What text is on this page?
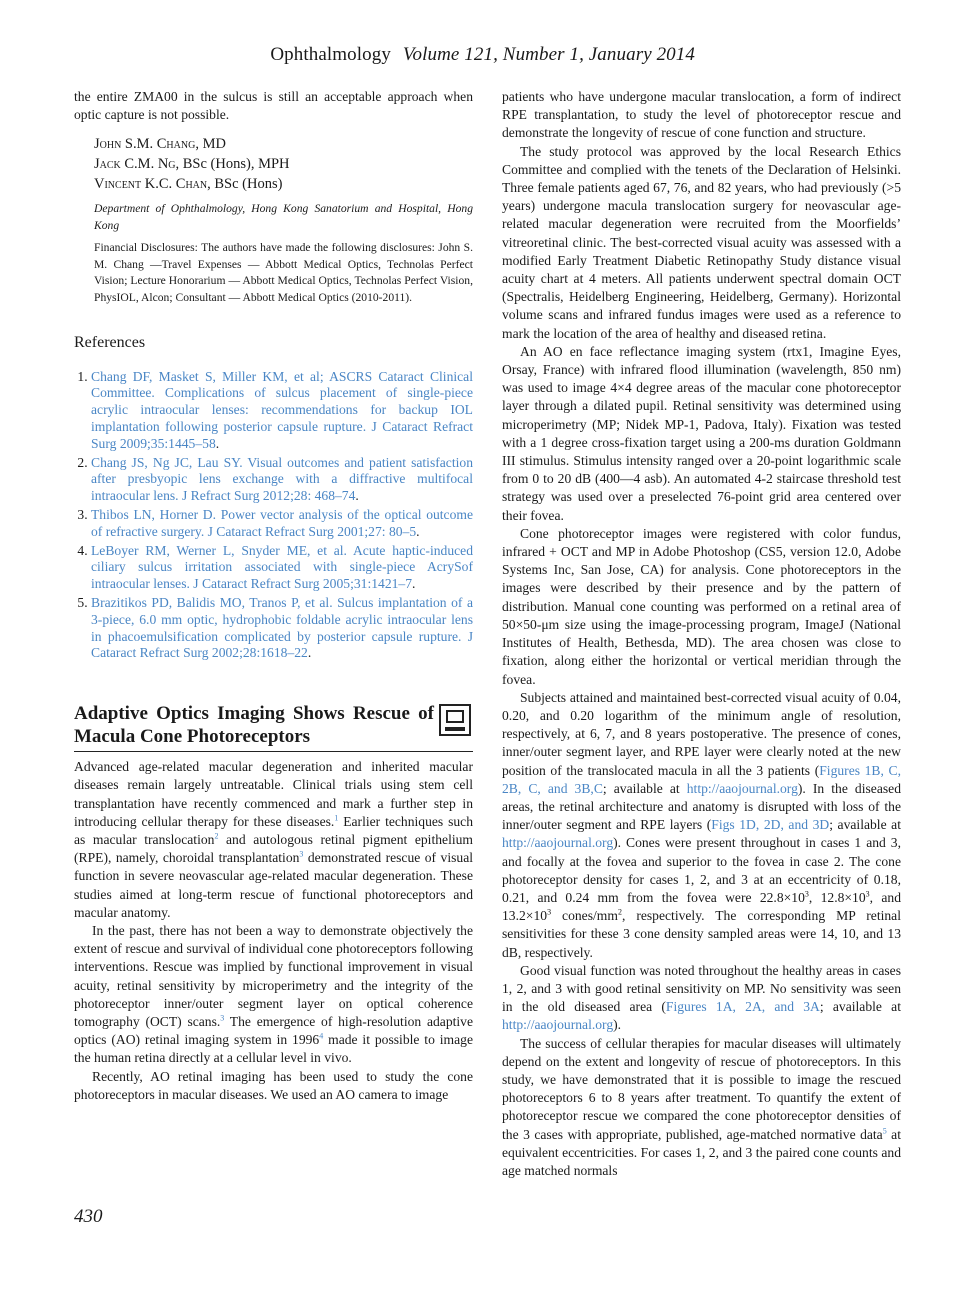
Ophthalmology Volume 121, Number 1, January 2014

the entire ZMA00 in the sulcus is still an acceptable approach when optic capture is not possible.

John S.M. Chang, MD
Jack C.M. Ng, BSc (Hons), MPH
Vincent K.C. Chan, BSc (Hons)
Department of Ophthalmology, Hong Kong Sanatorium and Hospital, Hong Kong
Financial Disclosures: The authors have made the following disclosures: John S. M. Chang —Travel Expenses — Abbott Medical Optics, Technolas Perfect Vision; Lecture Honorarium — Abbott Medical Optics, Technolas Perfect Vision, PhysIOL, Alcon; Consultant — Abbott Medical Optics (2010-2011).
References
1. Chang DF, Masket S, Miller KM, et al; ASCRS Cataract Clinical Committee. Complications of sulcus placement of single-piece acrylic intraocular lenses: recommendations for backup IOL implantation following posterior capsule rupture. J Cataract Refract Surg 2009;35:1445–58.
2. Chang JS, Ng JC, Lau SY. Visual outcomes and patient satisfaction after presbyopic lens exchange with a diffractive multifocal intraocular lens. J Refract Surg 2012;28: 468–74.
3. Thibos LN, Horner D. Power vector analysis of the optical outcome of refractive surgery. J Cataract Refract Surg 2001;27: 80–5.
4. LeBoyer RM, Werner L, Snyder ME, et al. Acute haptic-induced ciliary sulcus irritation associated with single-piece AcrySof intraocular lenses. J Cataract Refract Surg 2005;31:1421–7.
5. Brazitikos PD, Balidis MO, Tranos P, et al. Sulcus implantation of a 3-piece, 6.0 mm optic, hydrophobic foldable acrylic intraocular lens in phacoemulsification complicated by posterior capsule rupture. J Cataract Refract Surg 2002;28:1618–22.
Adaptive Optics Imaging Shows Rescue of Macula Cone Photoreceptors

Advanced age-related macular degeneration and inherited macular diseases remain largely untreatable. Clinical trials using stem cell transplantation have recently commenced and mark a further step in introducing cellular therapy for these diseases.$^1$ Earlier techniques such as macular translocation$^2$ and autologous retinal pigment epithelium (RPE), namely, choroidal transplantation$^3$ demonstrated rescue of visual function in severe neovascular age-related macular degeneration. These studies aimed at long-term rescue of functional photoreceptors and macular anatomy.

In the past, there has not been a way to demonstrate objectively the extent of rescue and survival of individual cone photoreceptors following interventions. Rescue was implied by functional improvement in visual acuity, retinal sensitivity by microperimetry and the integrity of the photoreceptor inner/outer segment layer on optical coherence tomography (OCT) scans.$^3$ The emergence of high-resolution adaptive optics (AO) retinal imaging system in 1996$^4$ made it possible to image the human retina directly at a cellular level in vivo.

Recently, AO retinal imaging has been used to study the cone photoreceptors in macular diseases. We used an AO camera to image

patients who have undergone macular translocation, a form of indirect RPE transplantation, to study the level of photoreceptor rescue and demonstrate the longevity of rescue of cone function and structure.

The study protocol was approved by the local Research Ethics Committee and complied with the tenets of the Declaration of Helsinki. Three female patients aged 67, 76, and 82 years, who had previously (>5 years) undergone macula translocation surgery for neovascular age-related macular degeneration were recruited from the Moorfields’ vitreoretinal clinic. The best-corrected visual acuity was assessed with a modified Early Treatment Diabetic Retinopathy Study distance visual acuity chart at 4 meters. All patients underwent spectral domain OCT (Spectralis, Heidelberg Engineering, Heidelberg, Germany). Horizontal volume scans and infrared fundus images were used as a reference to mark the location of the area of healthy and diseased retina.

An AO en face reflectance imaging system (rtx1, Imagine Eyes, Orsay, France) with infrared flood illumination (wavelength, 850 nm) was used to image 4×4 degree areas of the macular cone photoreceptor layer through a dilated pupil. Retinal sensitivity was determined using microperimetry (MP; Nidek MP-1, Padova, Italy). Fixation was tested with a 1 degree cross-fixation target using a 200-ms duration Goldmann III stimulus. Stimulus intensity ranged over a 20-point logarithmic scale from 0 to 20 dB (400—4 asb). An automated 4-2 staircase threshold test strategy was used over a preselected 76-point grid area centered over their fovea.

Cone photoreceptor images were registered with color fundus, infrared + OCT and MP in Adobe Photoshop (CS5, version 12.0, Adobe Systems Inc, San Jose, CA) for analysis. Cone photoreceptors in the images were described by their presence and by the pattern of distribution. Manual cone counting was performed on a retinal area of 50×50-μm size using the image-processing program, ImageJ (National Institutes of Health, Bethesda, MD). The area chosen was close to fixation, along either the horizontal or vertical meridian through the fovea.

Subjects attained and maintained best-corrected visual acuity of 0.04, 0.20, and 0.20 logarithm of the minimum angle of resolution, respectively, at 6, 7, and 8 years postoperative. The presence of cones, inner/outer segment layer, and RPE layer were clearly noted at the new position of the translocated macula in all the 3 patients (Figures 1B, C, 2B, C, and 3B,C; available at http://aaojournal.org). In the diseased areas, the retinal architecture and anatomy is disrupted with loss of the inner/outer segment and RPE layers (Figs 1D, 2D, and 3D; available at http://aaojournal.org). Cones were present throughout in cases 1 and 3, and focally at the fovea and superior to the fovea in case 2. The cone photoreceptor density for cases 1, 2, and 3 at an eccentricity of 0.18, 0.21, and 0.24 mm from the fovea were $22.8\times 10^3$, $12.8\times 10^3$, and $13.2\times 10^3$ cones/$mm^2$, respectively. The corresponding MP retinal sensitivities for these 3 cone density sampled areas were 14, 10, and 13 dB, respectively.

Good visual function was noted throughout the healthy areas in cases 1, 2, and 3 with good retinal sensitivity on MP. No sensitivity was seen in the old diseased area (Figures 1A, 2A, and 3A; available at http://aaojournal.org).

The success of cellular therapies for macular diseases will ultimately depend on the extent and longevity of rescue of photoreceptors. In this study, we have demonstrated that it is possible to image the rescued photoreceptors 6 to 8 years after treatment. To quantify the extent of photoreceptor rescue we compared the cone photoreceptor densities of the 3 cases with appropriate, published, age-matched normative data$^5$ at equivalent eccentricities. For cases 1, 2, and 3 the paired cone counts and age matched normals

430
